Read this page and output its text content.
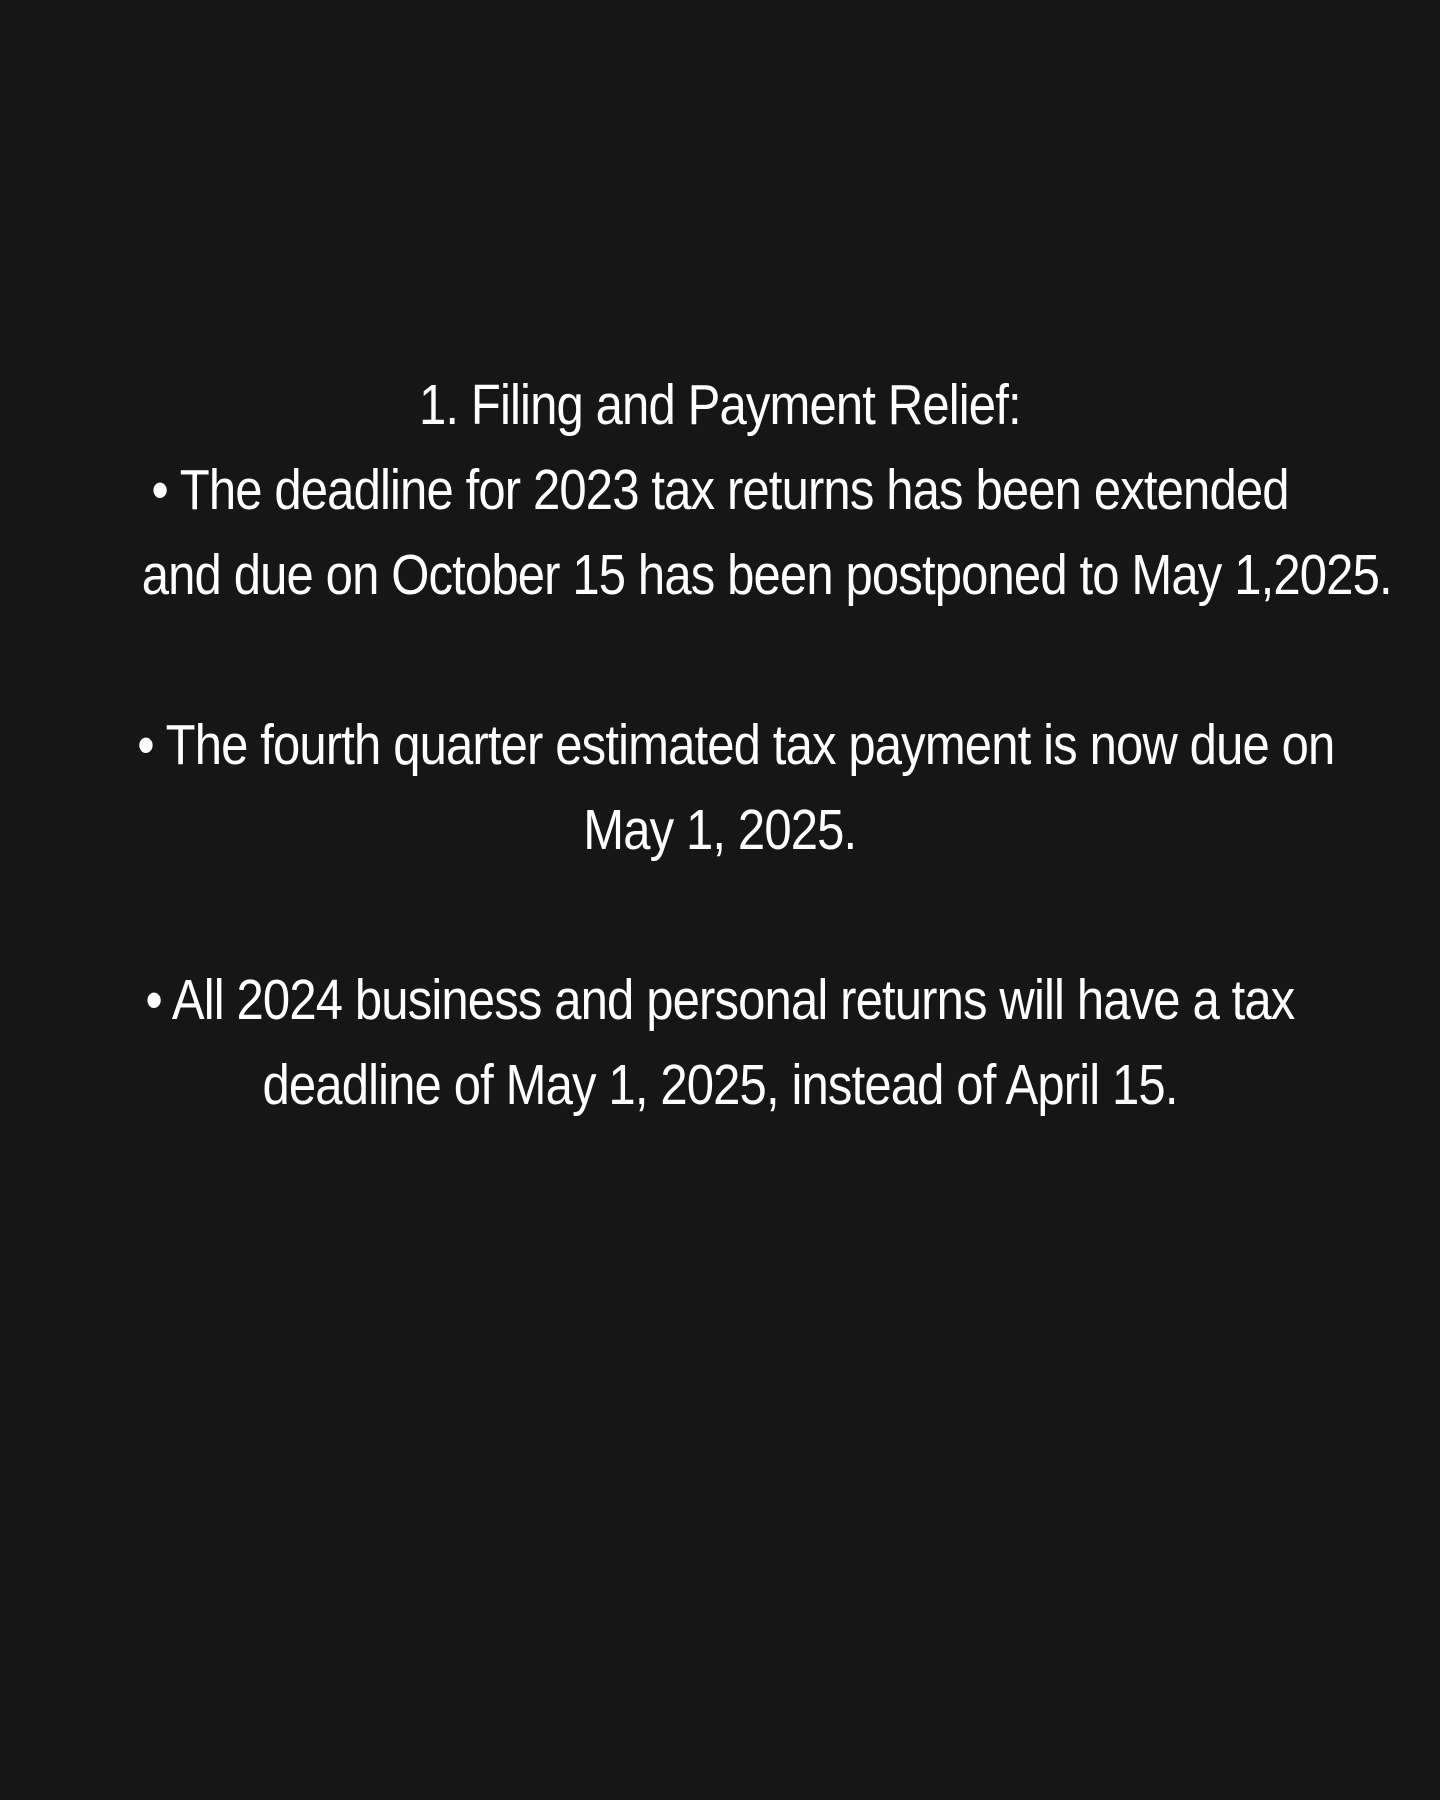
1. Filing and Payment Relief:

• The deadline for 2023 tax returns has been extended

and due on October 15 has been postponed to May 1,2025.

• The fourth quarter estimated tax payment is now due on

May 1, 2025.

• All 2024 business and personal returns will have a tax

deadline of May 1, 2025, instead of April 15.
